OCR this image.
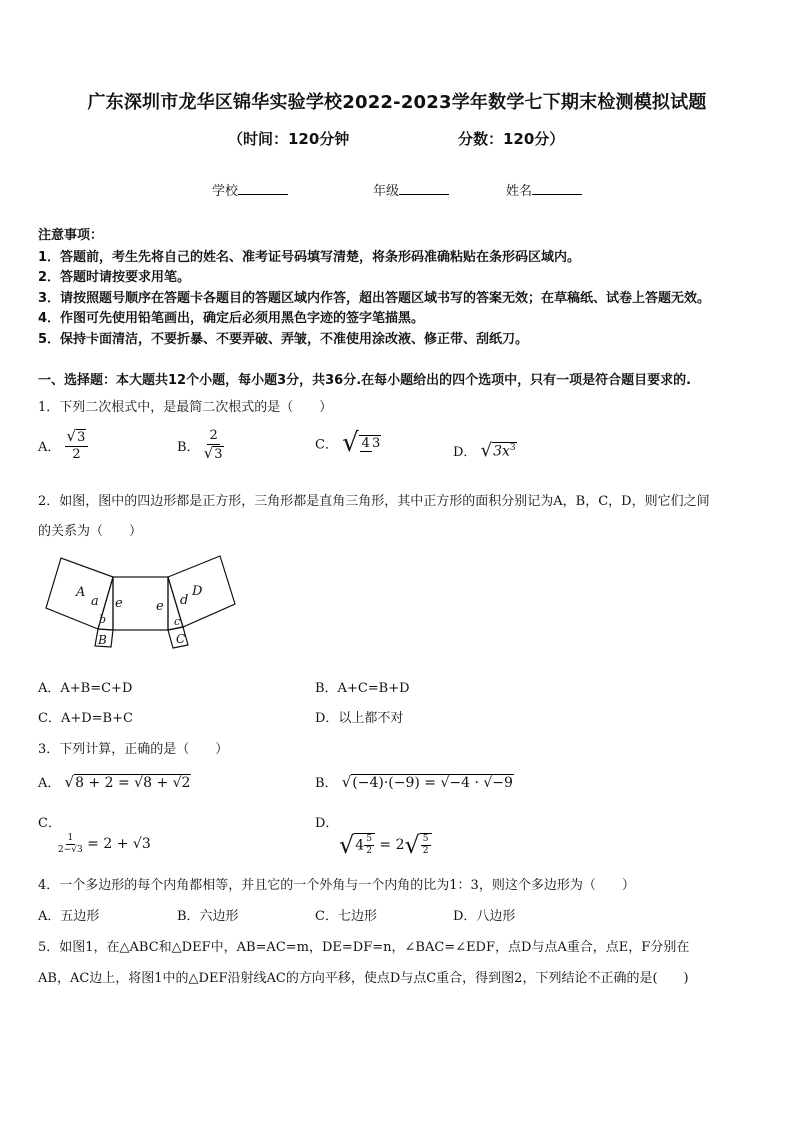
广东深圳市龙华区锦华实验学校2022-2023学年数学七下期末检测模拟试题
（时间：120分钟	分数：120分）
学校	年级	姓名
注意事项：
1．答题前，考生先将自己的姓名、准考证号码填写清楚，将条形码准确粘贴在条形码区域内。
2．答题时请按要求用笔。
3．请按照题号顺序在答题卡各题目的答题区域内作答，超出答题区域书写的答案无效；在草稿纸、试卷上答题无效。
4．作图可先使用铅笔画出，确定后必须用黑色字迹的签字笔描黑。
5．保持卡面清洁，不要折暴、不要弄破、弄皱，不准使用涂改液、修正带、刮纸刀。
一、选择题：本大题共12个小题，每小题3分，共36分.在每小题给出的四个选项中，只有一项是符合题目要求的.
1．下列二次根式中，是最简二次根式的是（　　）
A． $\frac{√3}{2}$	B． $\frac{2}{√3}$	C． √ 4 3
D． $√3x^3$
2．如图，图中的四边形都是正方形，三角形都是直角三角形，其中正方形的面积分别记为A，B，C，D，则它们之间
的关系为（　　）
A
a
b
B
e	e d
D
c
C
A．A+B=C+D	B．A+C=B+D
C．A+D=B+C	D．以上都不对
3．下列计算，正确的是（　　）
A． √8 + 2 = √8 + √2	B． √(−4)·(−9) = √−4 · √−9
C．
$\frac{1}{2-√3} = 2 + √3$
D．
$√4 \frac{5}{2} = 2√ \frac{5}{2}$
4．一个多边形的每个内角都相等，并且它的一个外角与一个内角的比为1：3，则这个多边形为（　　）
A．五边形	B．六边形	C．七边形	D．八边形
5．如图1，在△ABC和△DEF中，AB=AC=m，DE=DF=n，∠BAC=∠EDF，点D与点A重合，点E，F分别在
AB，AC边上，将图1中的△DEF沿射线AC的方向平移，使点D与点C重合，得到图2，下列结论不正确的是(　　)
